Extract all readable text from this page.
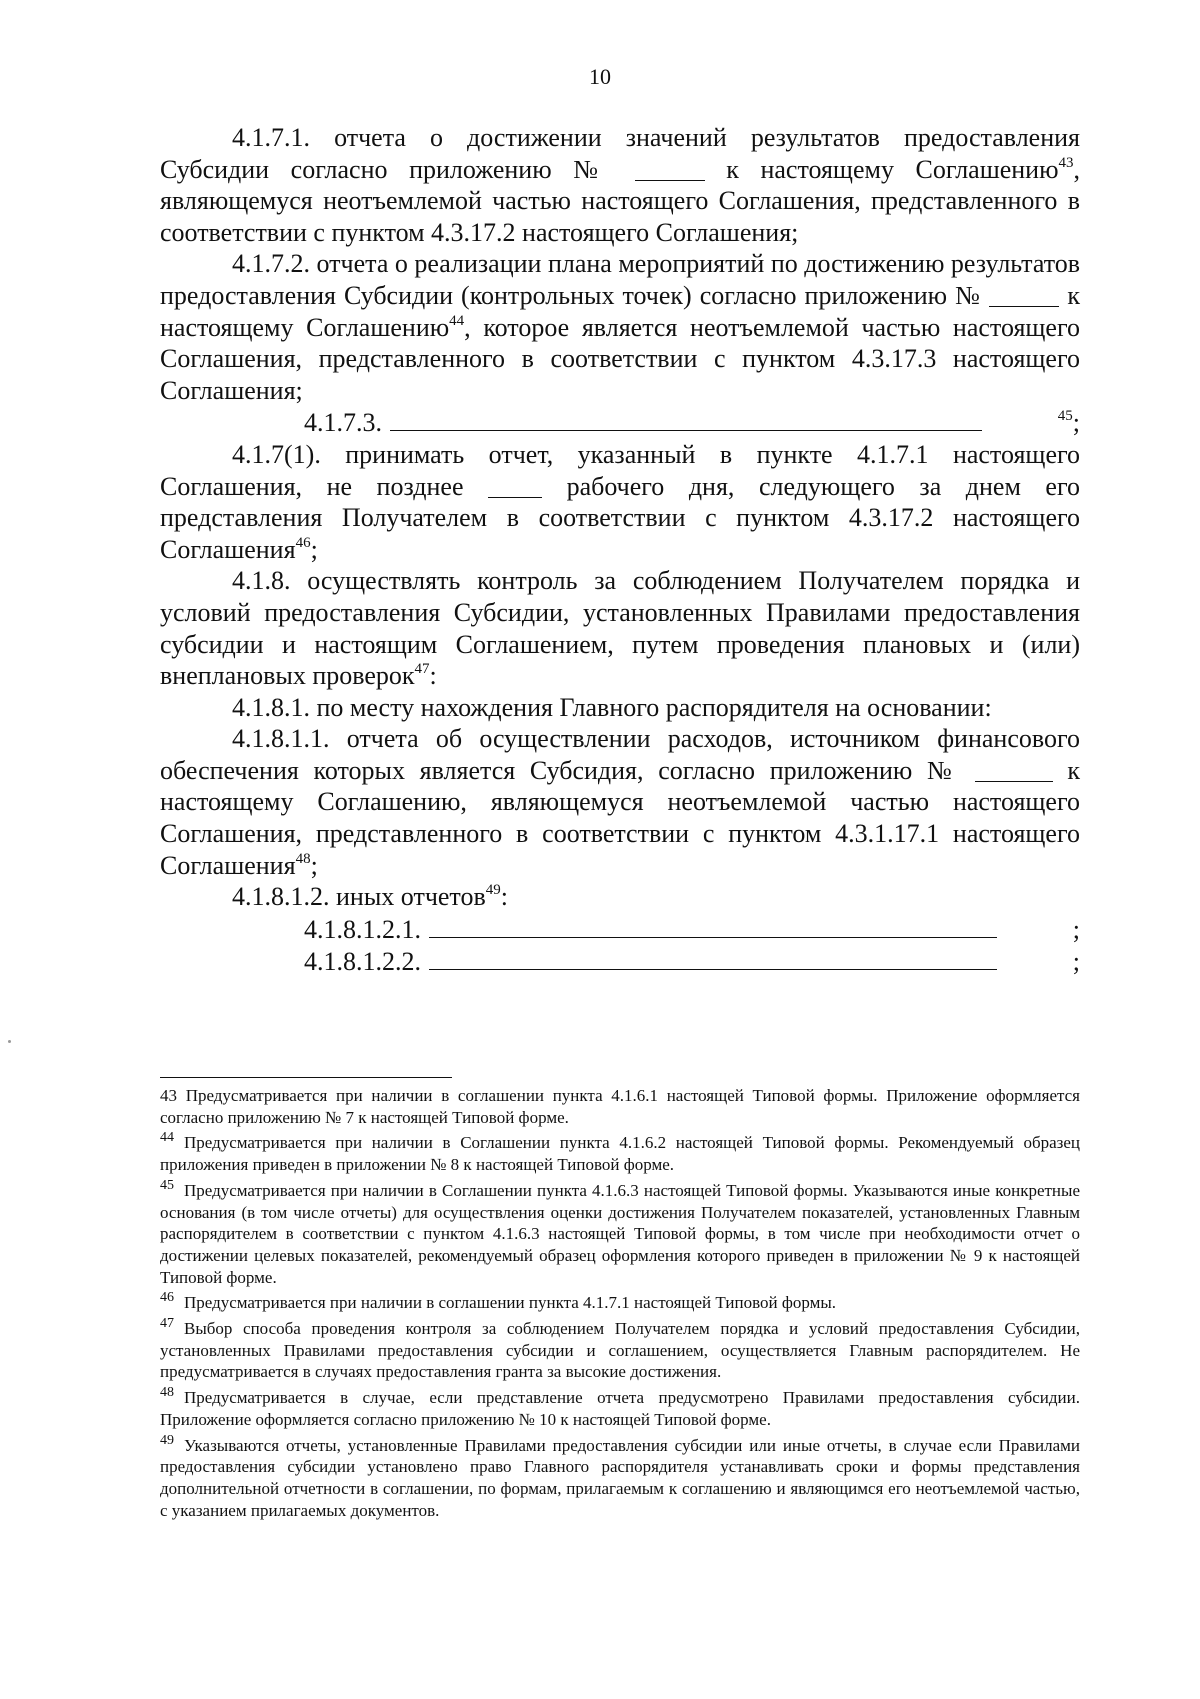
10

4.1.7.1. отчета о достижении значений результатов предоставления Субсидии согласно приложению №	к настоящему Соглашению$^{43}$, являющемуся неотъемлемой частью настоящего Соглашения, представленного в соответствии с пунктом 4.3.17.2 настоящего Соглашения;

4.1.7.2. отчета о реализации плана мероприятий по достижению результатов предоставления Субсидии (контрольных точек) согласно приложению №	к настоящему Соглашению$^{44}$, которое является неотъемлемой частью настоящего Соглашения, представленного в соответствии с пунктом 4.3.17.3 настоящего Соглашения;

4.1.7.3.	$^{45}$;

4.1.7(1). принимать отчет, указанный в пункте 4.1.7.1 настоящего Соглашения, не позднее	рабочего дня, следующего за днем его представления Получателем в соответствии с пунктом 4.3.17.2 настоящего Соглашения$^{46}$;

4.1.8. осуществлять контроль за соблюдением Получателем порядка и условий предоставления Субсидии, установленных Правилами предоставления субсидии и настоящим Соглашением, путем проведения плановых и (или) внеплановых проверок$^{47}$:

4.1.8.1. по месту нахождения Главного распорядителя на основании:

4.1.8.1.1. отчета об осуществлении расходов, источником финансового обеспечения которых является Субсидия, согласно приложению №	к настоящему Соглашению, являющемуся неотъемлемой частью настоящего Соглашения, представленного в соответствии с пунктом 4.3.1.17.1 настоящего Соглашения$^{48}$;

4.1.8.1.2. иных отчетов$^{49}$:

4.1.8.1.2.1.	;

4.1.8.1.2.2.	;

43 Предусматривается при наличии в соглашении пункта 4.1.6.1 настоящей Типовой формы. Приложение оформляется согласно приложению № 7 к настоящей Типовой форме.

$^{44}$ Предусматривается при наличии в Соглашении пункта 4.1.6.2 настоящей Типовой формы. Рекомендуемый образец приложения приведен в приложении № 8 к настоящей Типовой форме.

$^{45}$ Предусматривается при наличии в Соглашении пункта 4.1.6.3 настоящей Типовой формы. Указываются иные конкретные основания (в том числе отчеты) для осуществления оценки достижения Получателем показателей, установленных Главным распорядителем в соответствии с пунктом 4.1.6.3 настоящей Типовой формы, в том числе при необходимости отчет о достижении целевых показателей, рекомендуемый образец оформления которого приведен в приложении № 9 к настоящей Типовой форме.

$^{46}$ Предусматривается при наличии в соглашении пункта 4.1.7.1 настоящей Типовой формы.

$^{47}$ Выбор способа проведения контроля за соблюдением Получателем порядка и условий предоставления Субсидии, установленных Правилами предоставления субсидии и соглашением, осуществляется Главным распорядителем. Не предусматривается в случаях предоставления гранта за высокие достижения.

$^{48}$ Предусматривается в случае, если представление отчета предусмотрено Правилами предоставления субсидии. Приложение оформляется согласно приложению № 10 к настоящей Типовой форме.

$^{49}$ Указываются отчеты, установленные Правилами предоставления субсидии или иные отчеты, в случае если Правилами предоставления субсидии установлено право Главного распорядителя устанавливать сроки и формы представления дополнительной отчетности в соглашении, по формам, прилагаемым к соглашению и являющимся его неотъемлемой частью, с указанием прилагаемых документов.
